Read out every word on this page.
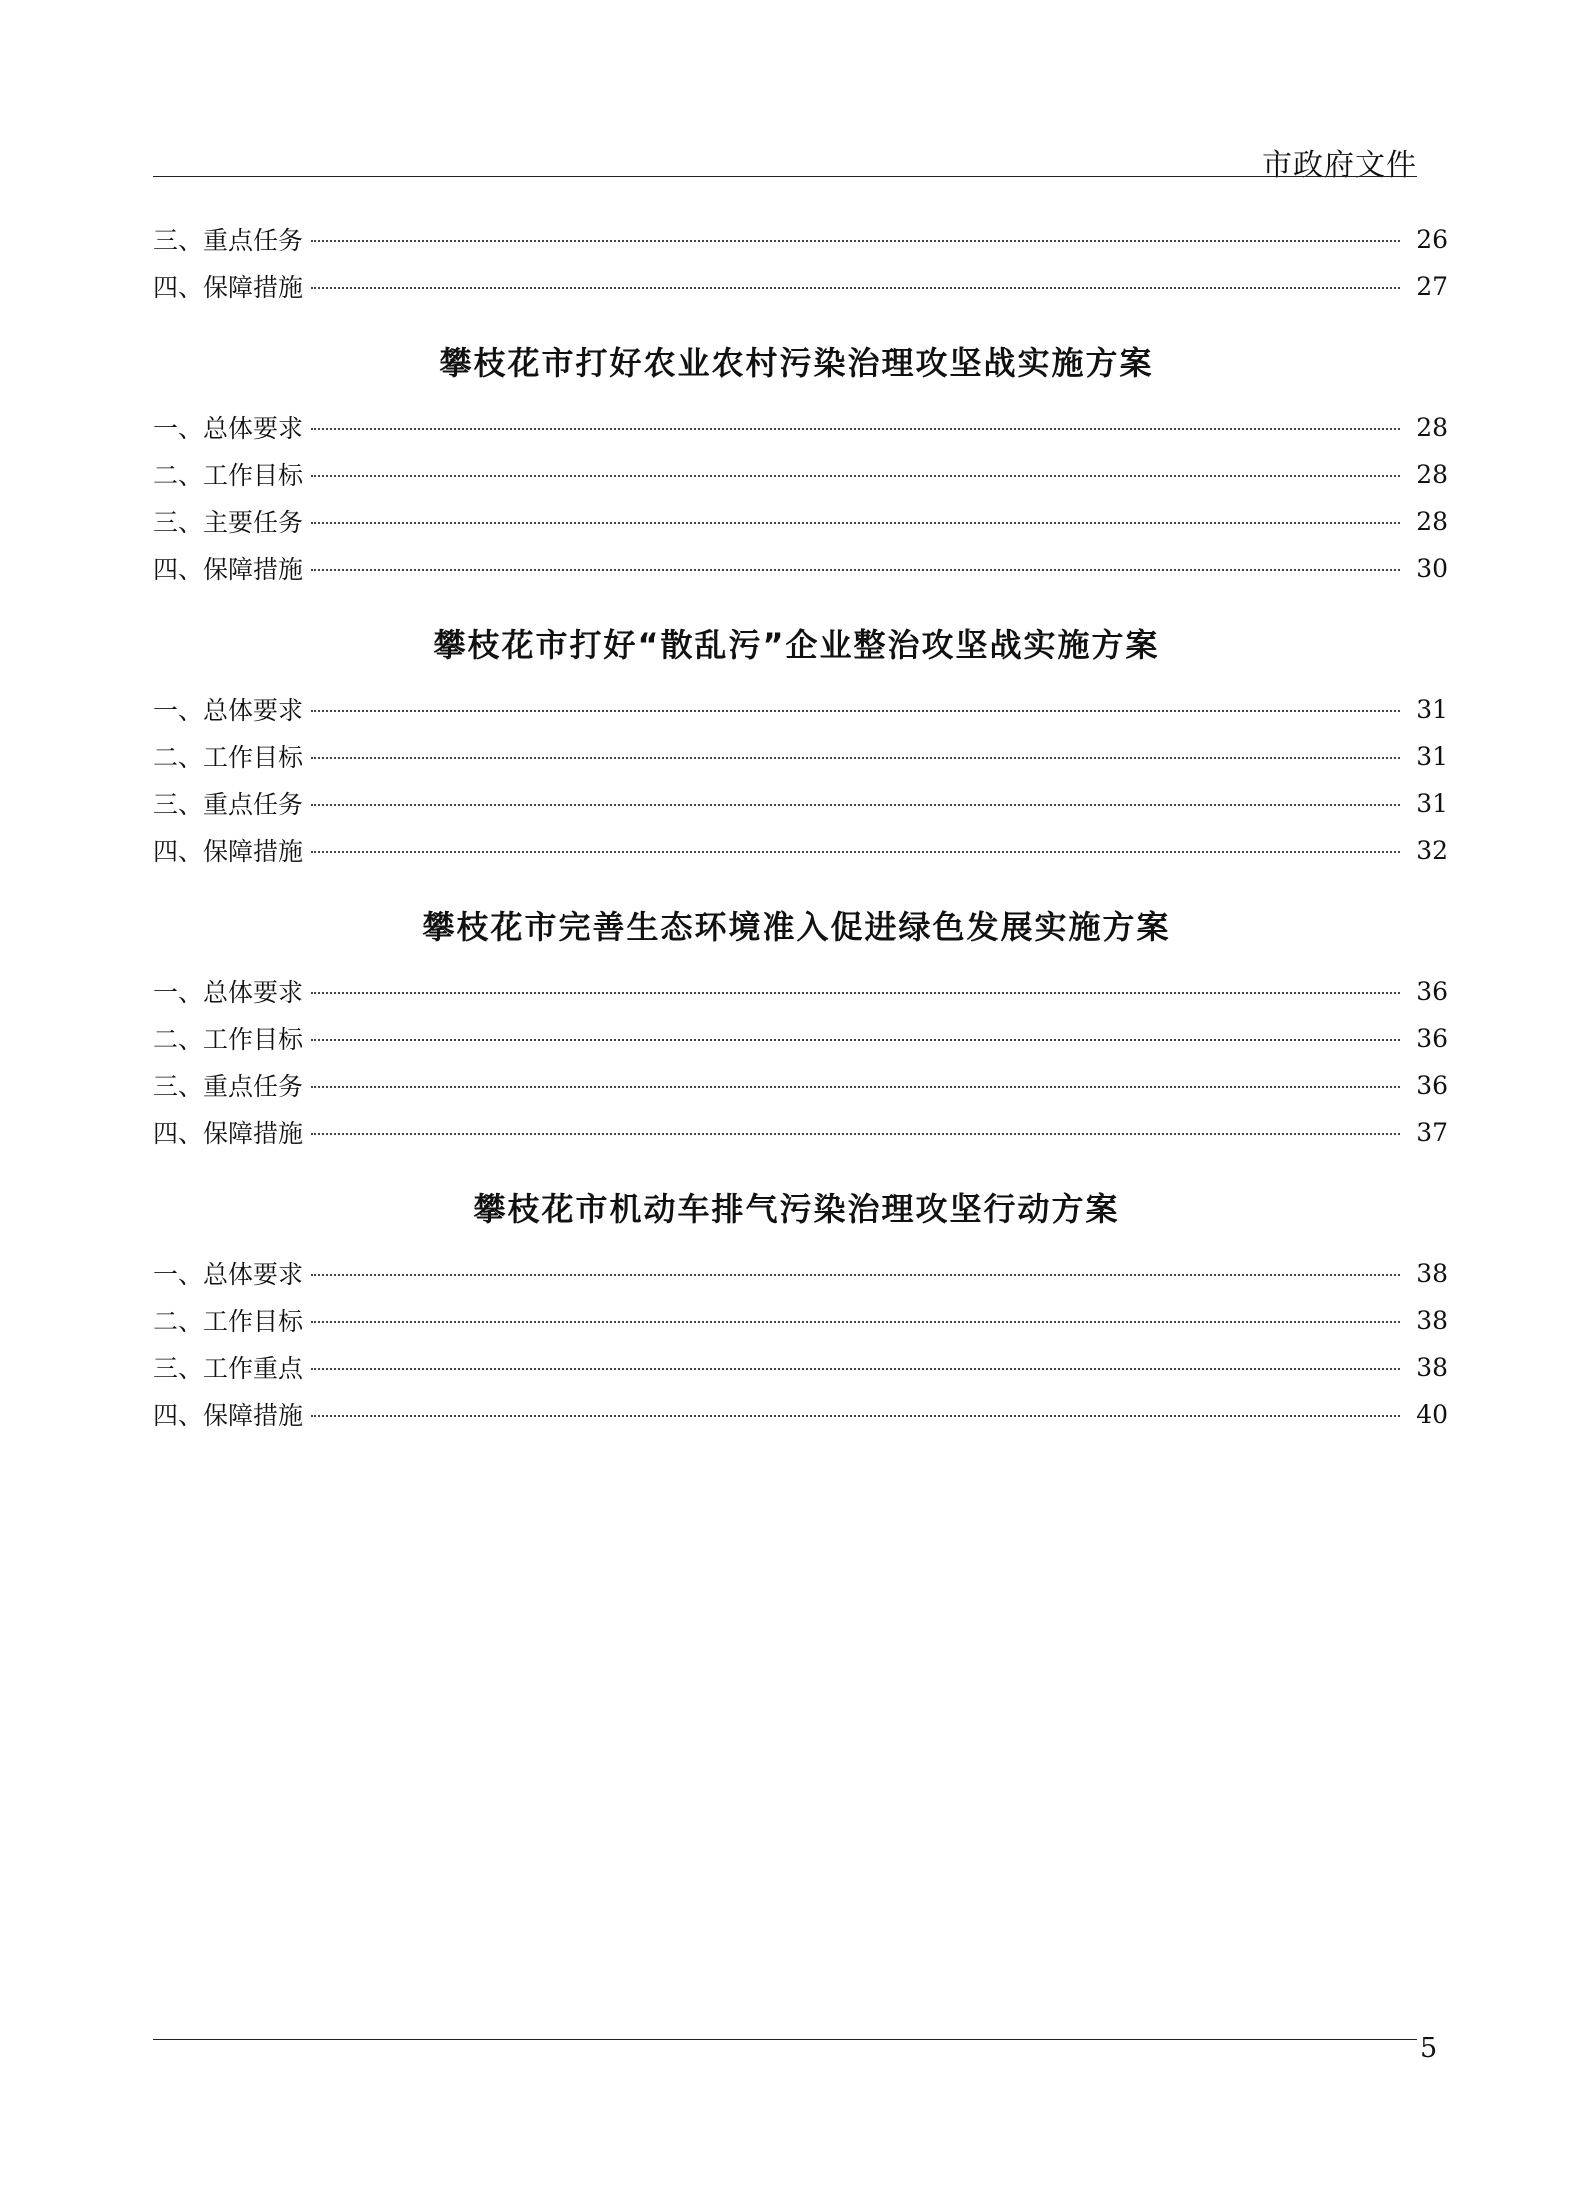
市政府文件
三、重点任务	26
四、保障措施	27
攀枝花市打好农业农村污染治理攻坚战实施方案
一、总体要求	28
二、工作目标	28
三、主要任务	28
四、保障措施	30
攀枝花市打好“散乱污”企业整治攻坚战实施方案
一、总体要求	31
二、工作目标	31
三、重点任务	31
四、保障措施	32
攀枝花市完善生态环境准入促进绿色发展实施方案
一、总体要求	36
二、工作目标	36
三、重点任务	36
四、保障措施	37
攀枝花市机动车排气污染治理攻坚行动方案
一、总体要求	38
二、工作目标	38
三、工作重点	38
四、保障措施	40
5
